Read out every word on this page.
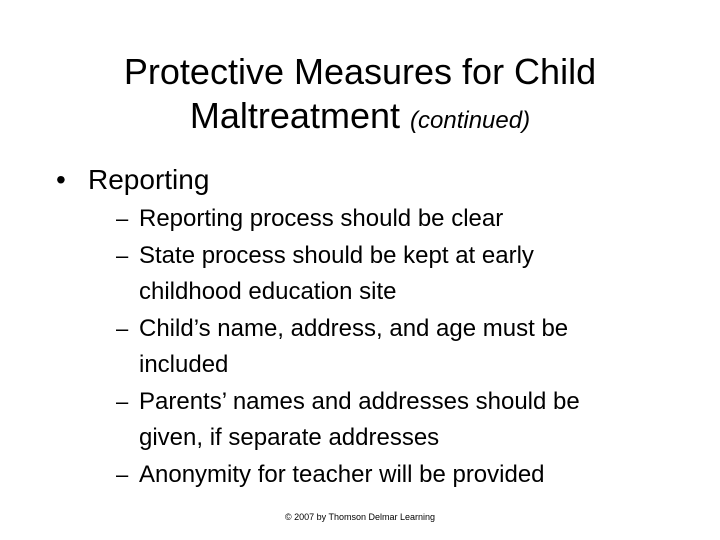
Protective Measures for Child
Maltreatment (continued)
• Reporting
– Reporting process should be clear
– State process should be kept at early
childhood education site
– Child’s name, address, and age must be
included
– Parents’ names and addresses should be
given, if separate addresses
– Anonymity for teacher will be provided
© 2007 by Thomson Delmar Learning
